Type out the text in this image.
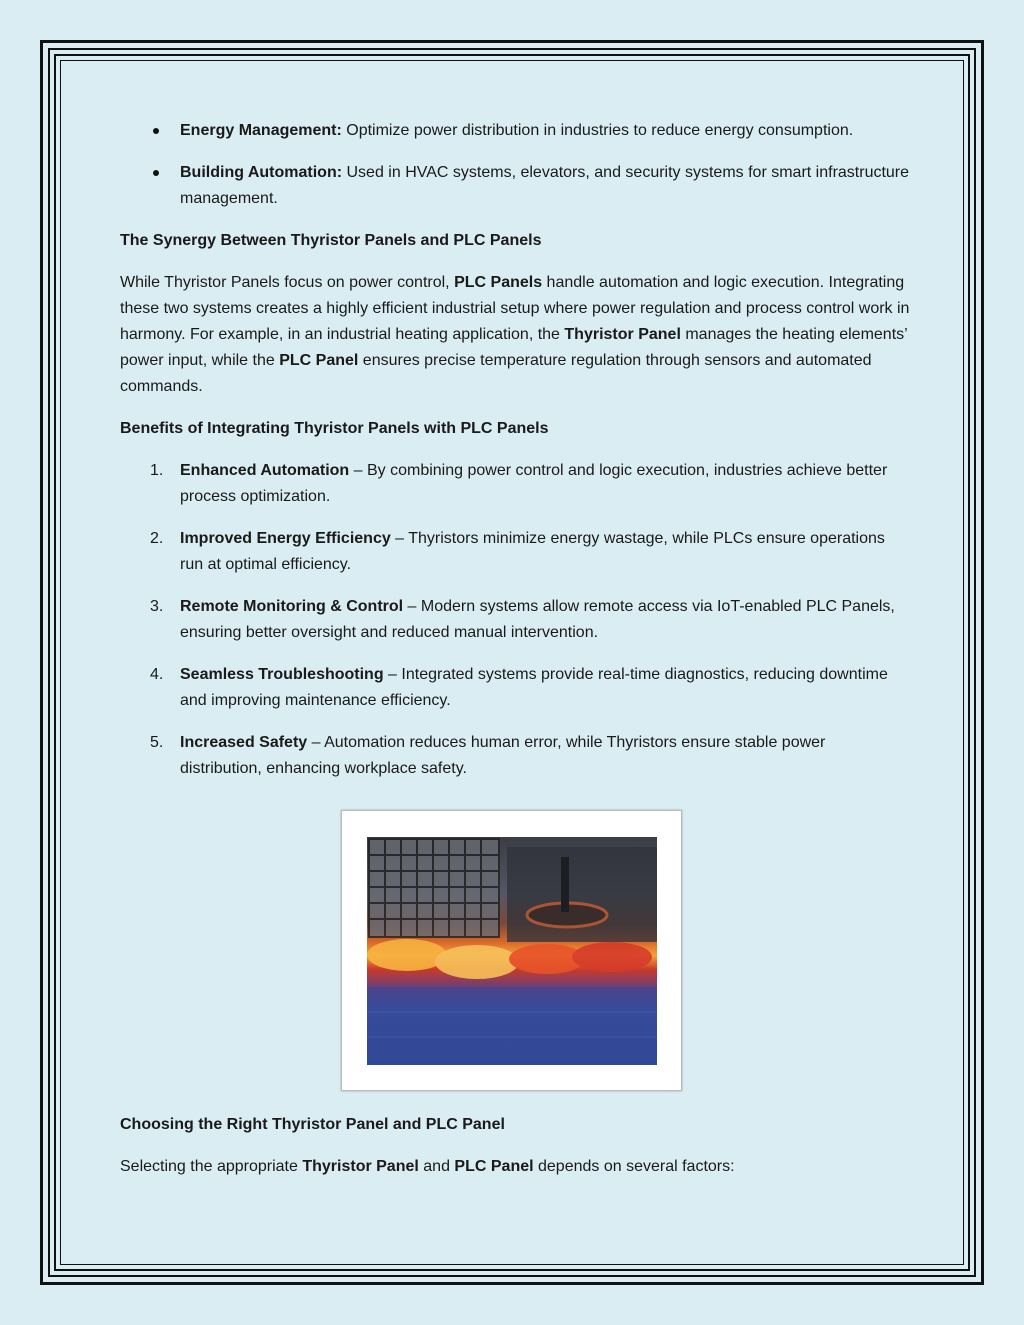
Energy Management: Optimize power distribution in industries to reduce energy consumption.
Building Automation: Used in HVAC systems, elevators, and security systems for smart infrastructure management.

The Synergy Between Thyristor Panels and PLC Panels

While Thyristor Panels focus on power control, PLC Panels handle automation and logic execution. Integrating these two systems creates a highly efficient industrial setup where power regulation and process control work in harmony. For example, in an industrial heating application, the Thyristor Panel manages the heating elements’ power input, while the PLC Panel ensures precise temperature regulation through sensors and automated commands.

Benefits of Integrating Thyristor Panels with PLC Panels

1. Enhanced Automation – By combining power control and logic execution, industries achieve better process optimization.
2. Improved Energy Efficiency – Thyristors minimize energy wastage, while PLCs ensure operations run at optimal efficiency.
3. Remote Monitoring & Control – Modern systems allow remote access via IoT-enabled PLC Panels, ensuring better oversight and reduced manual intervention.
4. Seamless Troubleshooting – Integrated systems provide real-time diagnostics, reducing downtime and improving maintenance efficiency.
5. Increased Safety – Automation reduces human error, while Thyristors ensure stable power distribution, enhancing workplace safety.

Choosing the Right Thyristor Panel and PLC Panel

Selecting the appropriate Thyristor Panel and PLC Panel depends on several factors:
